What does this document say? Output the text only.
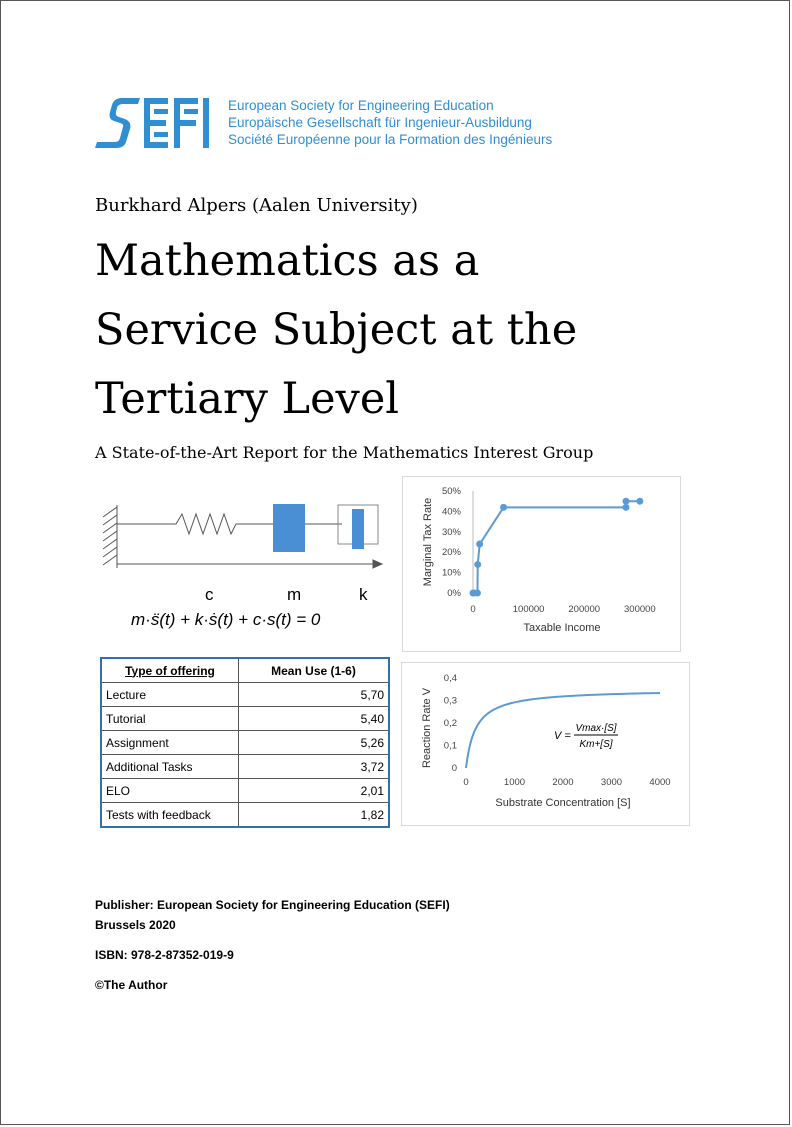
European Society for Engineering Education
Europäische Gesellschaft für Ingenieur-Ausbildung
Société Européenne pour la Formation des Ingénieurs
Burkhard Alpers (Aalen University)
Mathematics as a
Service Subject at the
Tertiary Level
A State-of-the-Art Report for the Mathematics Interest Group
c	m	k
m·s̈(t) + k·ṡ(t) + c·s(t) = 0
0%
10%
20%
30%
40%
50%
0	100000	200000	300000
Marginal Tax Rate
Taxable Income
0
0,1
0,2
0,3
0,4
0	1000	2000	3000	4000
Reaction Rate V
Substrate Concentration [S]
V =
Vmax·[S]
Km+[S]
Type of offering	Mean Use (1-6)
Lecture	5,70
Tutorial	5,40
Assignment	5,26
Additional Tasks	3,72
ELO	2,01
Tests with feedback	1,82
Publisher: European Society for Engineering Education (SEFI)
Brussels 2020
ISBN: 978-2-87352-019-9
©The Author
